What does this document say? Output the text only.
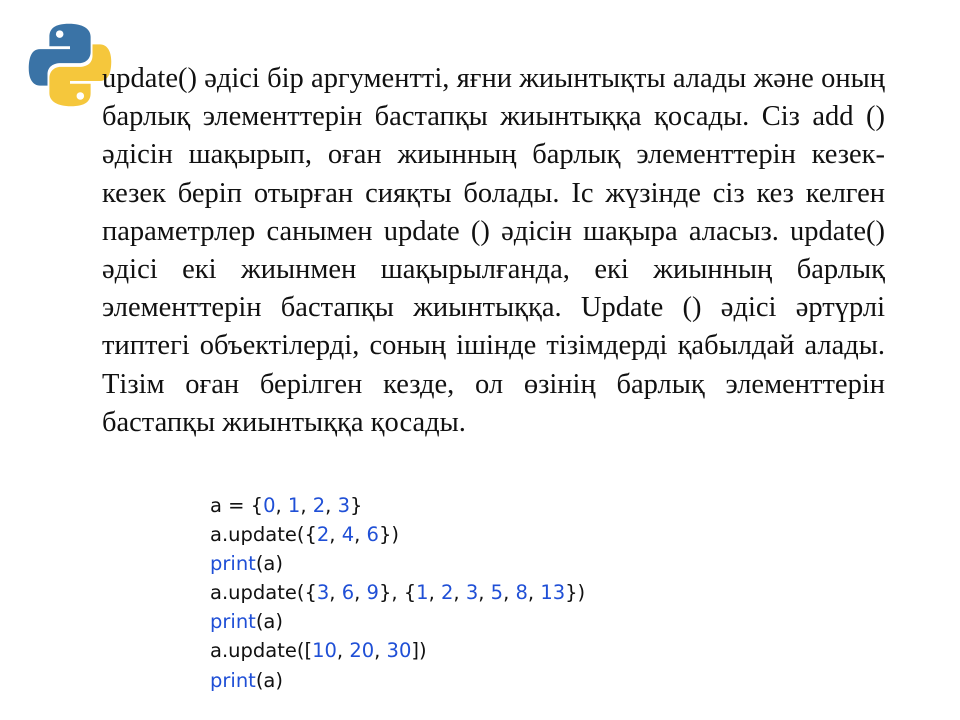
update() әдісі бір аргументті, яғни жиынтықты алады және оның барлық элементтерін бастапқы жиынтыққа қосады. Сіз add () әдісін шақырып, оған жиынның барлық элементтерін кезек-кезек беріп отырған сияқты болады. Іс жүзінде сіз кез келген параметрлер санымен update () әдісін шақыра аласыз. update() әдісі екі жиынмен шақырылғанда, екі жиынның барлық элементтерін бастапқы жиынтыққа. Update () әдісі әртүрлі типтегі объектілерді, соның ішінде тізімдерді қабылдай алады. Тізім оған берілген кезде, ол өзінің барлық элементтерін бастапқы жиынтыққа қосады.

a = {0, 1, 2, 3}
a.update({2, 4, 6})
print(a)
a.update({3, 6, 9}, {1, 2, 3, 5, 8, 13})
print(a)
a.update([10, 20, 30])
print(a)
